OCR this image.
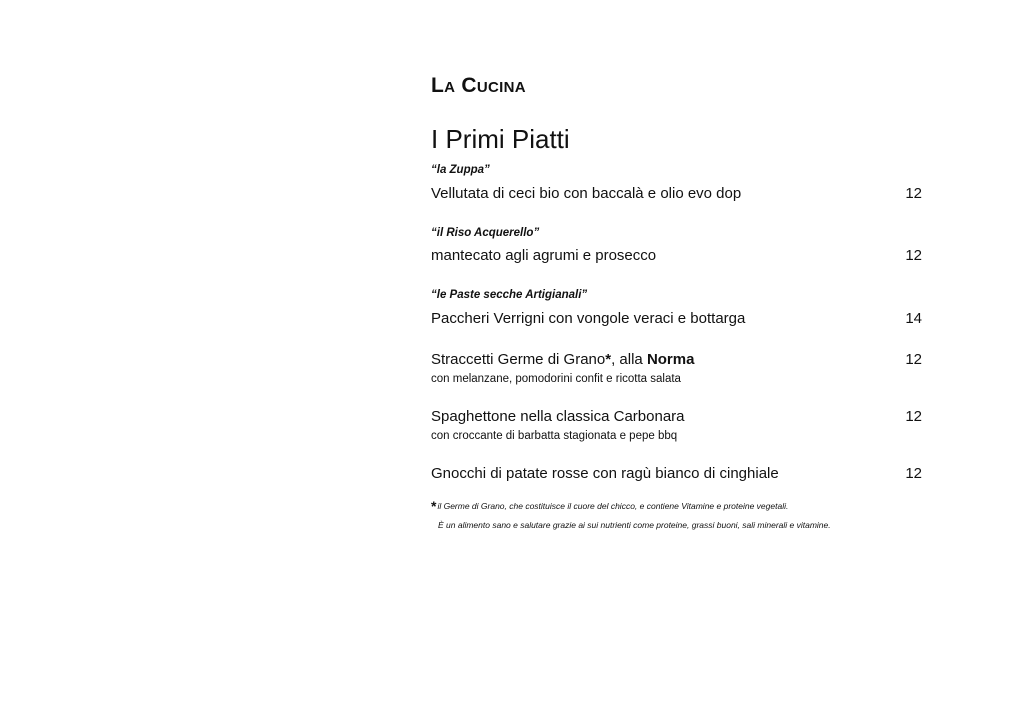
La Cucina
I Primi Piatti
“la Zuppa”
Vellutata di ceci bio con baccalà e olio evo dop	12
“il Riso Acquerello”
mantecato agli agrumi e prosecco	12
“le Paste secche Artigianali”
Paccheri Verrigni con vongole veraci e bottarga	14
Straccetti Germe di Grano*, alla Norma	12
con melanzane, pomodorini confit e ricotta salata
Spaghettone nella classica Carbonara	12
con croccante di barbatta stagionata e pepe bbq
Gnocchi di patate rosse con ragù bianco di cinghiale	12
* il Germe di Grano, che costituisce il cuore del chicco, e contiene Vitamine e proteine vegetali.
È un alimento sano e salutare grazie ai sui nutrienti come proteine, grassi buoni, sali minerali e vitamine.
